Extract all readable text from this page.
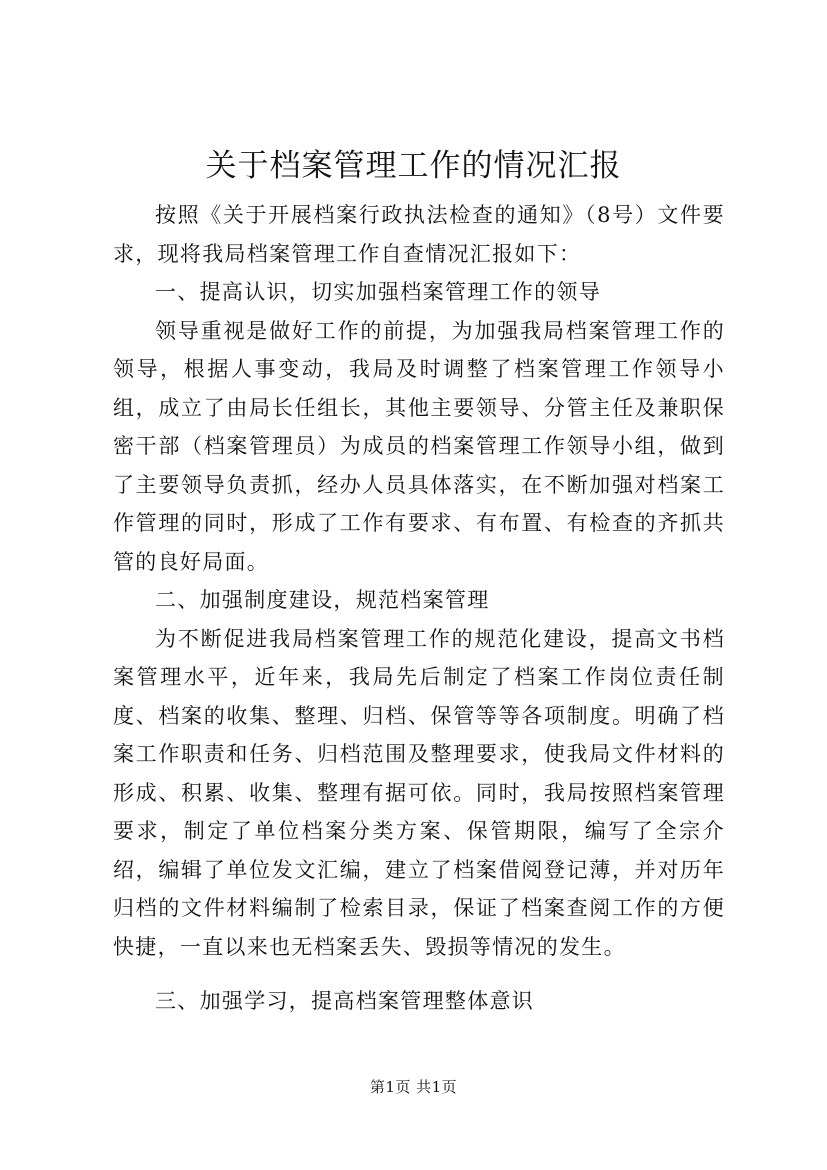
关于档案管理工作的情况汇报

按照《关于开展档案行政执法检查的通知》（8号）文件要求，现将我局档案管理工作自查情况汇报如下：

一、提高认识，切实加强档案管理工作的领导

领导重视是做好工作的前提，为加强我局档案管理工作的领导，根据人事变动，我局及时调整了档案管理工作领导小组，成立了由局长任组长，其他主要领导、分管主任及兼职保密干部（档案管理员）为成员的档案管理工作领导小组，做到了主要领导负责抓，经办人员具体落实，在不断加强对档案工作管理的同时，形成了工作有要求、有布置、有检查的齐抓共管的良好局面。

二、加强制度建设，规范档案管理

为不断促进我局档案管理工作的规范化建设，提高文书档案管理水平，近年来，我局先后制定了档案工作岗位责任制度、档案的收集、整理、归档、保管等等各项制度。明确了档案工作职责和任务、归档范围及整理要求，使我局文件材料的形成、积累、收集、整理有据可依。同时，我局按照档案管理要求，制定了单位档案分类方案、保管期限，编写了全宗介绍，编辑了单位发文汇编，建立了档案借阅登记薄，并对历年归档的文件材料编制了检索目录，保证了档案查阅工作的方便快捷，一直以来也无档案丢失、毁损等情况的发生。

三、加强学习，提高档案管理整体意识

第1页 共1页
